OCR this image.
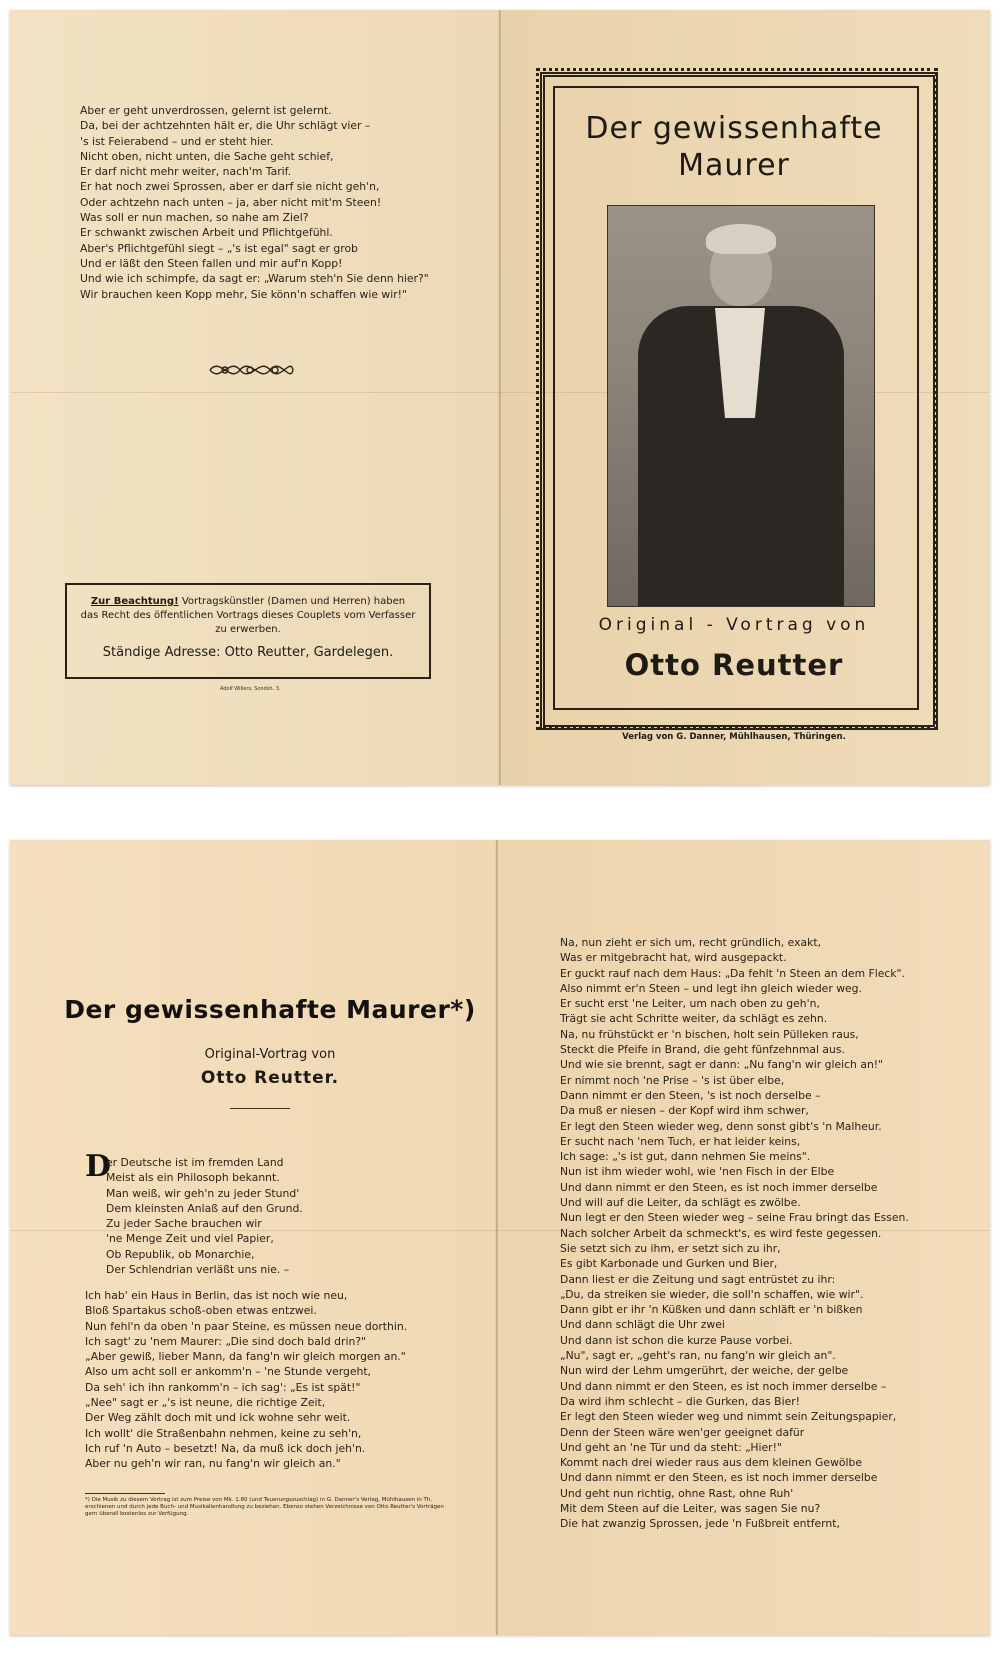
Aber er geht unverdrossen, gelernt ist gelernt.
Da, bei der achtzehnten hält er, die Uhr schlägt vier –
's ist Feierabend – und er steht hier.
Nicht oben, nicht unten, die Sache geht schief,
Er darf nicht mehr weiter, nach'm Tarif.
Er hat noch zwei Sprossen, aber er darf sie nicht geh'n,
Oder achtzehn nach unten – ja, aber nicht mit'm Steen!
Was soll er nun machen, so nahe am Ziel?
Er schwankt zwischen Arbeit und Pflichtgefühl.
Aber's Pflichtgefühl siegt – „'s ist egal" sagt er grob
Und er läßt den Steen fallen und mir auf'n Kopp!
Und wie ich schimpfe, da sagt er: „Warum steh'n Sie denn hier?"
Wir brauchen keen Kopp mehr, Sie könn'n schaffen wie wir!"
Zur Beachtung! Vortragskünstler (Damen und Herren) haben
das Recht des öffentlichen Vortrags dieses Couplets vom Verfasser
zu erwerben.
Ständige Adresse: Otto Reutter, Gardelegen.
Adolf Willers, Sondsh. 3.
Der gewissenhafte
Maurer
Original - Vortrag von
Otto Reutter
Verlag von G. Danner, Mühlhausen, Thüringen.
Der gewissenhafte Maurer*)
Original-Vortrag von
Otto Reutter.
D
er Deutsche ist im fremden Land
Meist als ein Philosoph bekannt.
Man weiß, wir geh'n zu jeder Stund'
Dem kleinsten Anlaß auf den Grund.
Zu jeder Sache brauchen wir
'ne Menge Zeit und viel Papier,
Ob Republik, ob Monarchie,
Der Schlendrian verläßt uns nie. –
Ich hab' ein Haus in Berlin, das ist noch wie neu,
Bloß Spartakus schoß-oben etwas entzwei.
Nun fehl'n da oben 'n paar Steine, es müssen neue dorthin.
Ich sagt' zu 'nem Maurer: „Die sind doch bald drin?"
„Aber gewiß, lieber Mann, da fang'n wir gleich morgen an."
Also um acht soll er ankomm'n – 'ne Stunde vergeht,
Da seh' ich ihn rankomm'n – ich sag': „Es ist spät!"
„Nee" sagt er „'s ist neune, die richtige Zeit,
Der Weg zählt doch mit und ick wohne sehr weit.
Ich wollt' die Straßenbahn nehmen, keine zu seh'n,
Ich ruf 'n Auto – besetzt! Na, da muß ick doch jeh'n.
Aber nu geh'n wir ran, nu fang'n wir gleich an."
*) Die Musik zu diesem Vortrag ist zum Preise von Mk. 1.80 (und Teuerungszuschlag) in G. Danner's Verlag, Mühlhausen in Th. erschienen und durch jede Buch- und Musikalienhandlung zu beziehen. Ebenso stehen Verzeichnisse von Otto Reutter's Vorträgen gern überall kostenlos zur Verfügung.
Na, nun zieht er sich um, recht gründlich, exakt,
Was er mitgebracht hat, wird ausgepackt.
Er guckt rauf nach dem Haus: „Da fehlt 'n Steen an dem Fleck".
Also nimmt er'n Steen – und legt ihn gleich wieder weg.
Er sucht erst 'ne Leiter, um nach oben zu geh'n,
Trägt sie acht Schritte weiter, da schlägt es zehn.
Na, nu frühstückt er 'n bischen, holt sein Pülleken raus,
Steckt die Pfeife in Brand, die geht fünfzehnmal aus.
Und wie sie brennt, sagt er dann: „Nu fang'n wir gleich an!"
Er nimmt noch 'ne Prise – 's ist über elbe,
Dann nimmt er den Steen, 's ist noch derselbe –
Da muß er niesen – der Kopf wird ihm schwer,
Er legt den Steen wieder weg, denn sonst gibt's 'n Malheur.
Er sucht nach 'nem Tuch, er hat leider keins,
Ich sage: „'s ist gut, dann nehmen Sie meins".
Nun ist ihm wieder wohl, wie 'nen Fisch in der Elbe
Und dann nimmt er den Steen, es ist noch immer derselbe
Und will auf die Leiter, da schlägt es zwölbe.
Nun legt er den Steen wieder weg – seine Frau bringt das Essen.
Nach solcher Arbeit da schmeckt's, es wird feste gegessen.
Sie setzt sich zu ihm, er setzt sich zu ihr,
Es gibt Karbonade und Gurken und Bier,
Dann liest er die Zeitung und sagt entrüstet zu ihr:
„Du, da streiken sie wieder, die soll'n schaffen, wie wir".
Dann gibt er ihr 'n Küßken und dann schläft er 'n bißken
Und dann schlägt die Uhr zwei
Und dann ist schon die kurze Pause vorbei.
„Nu", sagt er, „geht's ran, nu fang'n wir gleich an".
Nun wird der Lehm umgerührt, der weiche, der gelbe
Und dann nimmt er den Steen, es ist noch immer derselbe –
Da wird ihm schlecht – die Gurken, das Bier!
Er legt den Steen wieder weg und nimmt sein Zeitungspapier,
Denn der Steen wäre wen'ger geeignet dafür
Und geht an 'ne Tür und da steht: „Hier!"
Kommt nach drei wieder raus aus dem kleinen Gewölbe
Und dann nimmt er den Steen, es ist noch immer derselbe
Und geht nun richtig, ohne Rast, ohne Ruh'
Mit dem Steen auf die Leiter, was sagen Sie nu?
Die hat zwanzig Sprossen, jede 'n Fußbreit entfernt,
